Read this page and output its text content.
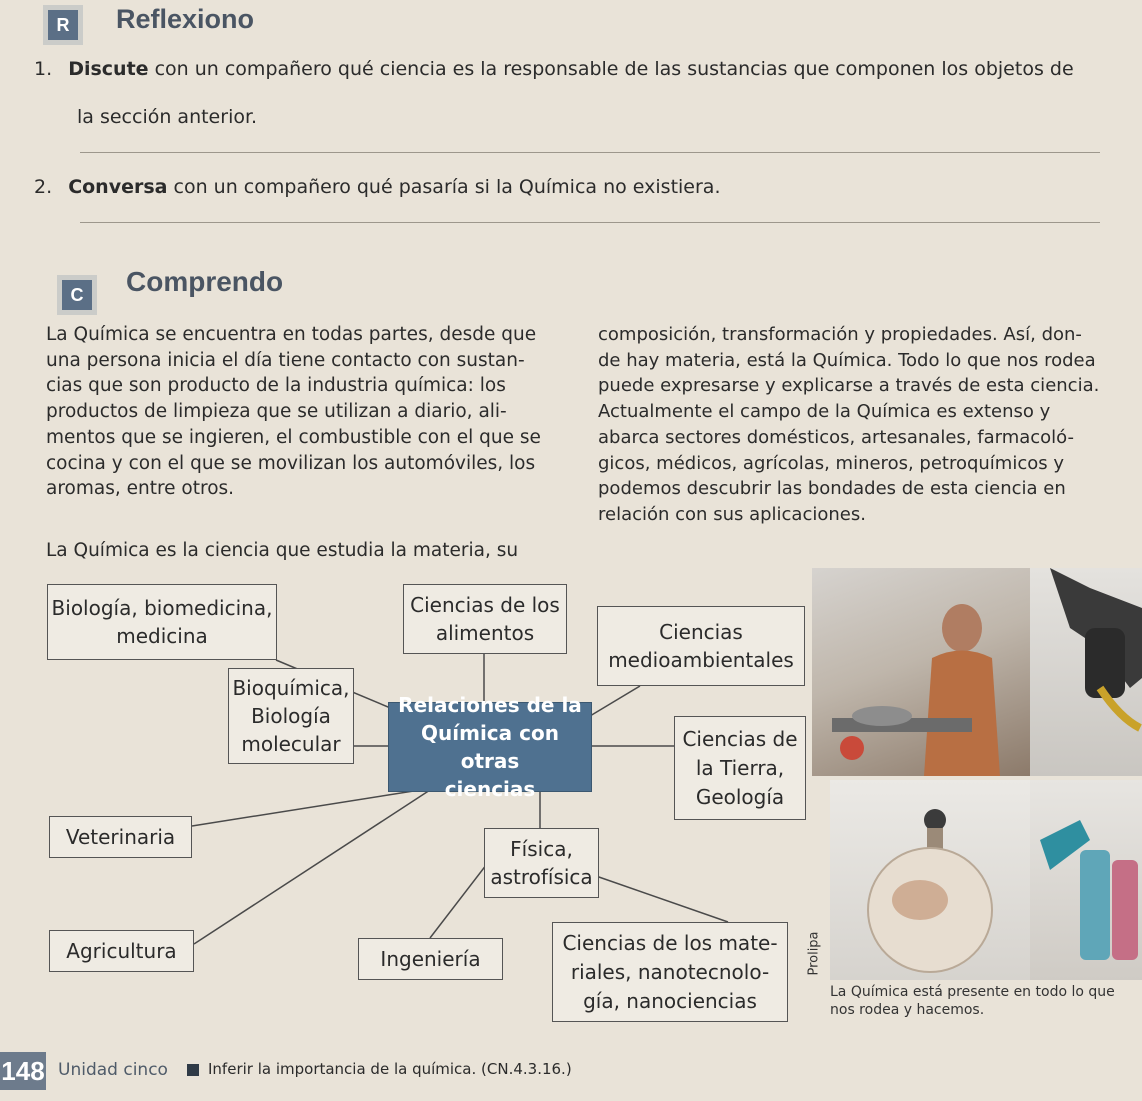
R	Reflexiono
1. Discute con un compañero qué ciencia es la responsable de las sustancias que componen los objetos de
la sección anterior.
2. Conversa con un compañero qué pasaría si la Química no existiera.
C	Comprendo
La Química se encuentra en todas partes, desde que
una persona inicia el día tiene contacto con sustan-
cias que son producto de la industria química: los
productos de limpieza que se utilizan a diario, ali-
mentos que se ingieren, el combustible con el que se
cocina y con el que se movilizan los automóviles, los
aromas, entre otros.
La Química es la ciencia que estudia la materia, su
composición, transformación y propiedades. Así, don-
de hay materia, está la Química. Todo lo que nos rodea
puede expresarse y explicarse a través de esta ciencia.
Actualmente el campo de la Química es extenso y
abarca sectores domésticos, artesanales, farmacoló-
gicos, médicos, agrícolas, mineros, petroquímicos y
podemos descubrir las bondades de esta ciencia en
relación con sus aplicaciones.
Prolipa
La Química está presente en todo lo que
nos rodea y hacemos.
Biología, biomedicina,
medicina
Ciencias de los
alimentos	Ciencias
medioambientales
Bioquímica,
Biología
molecular
Relaciones de la
Química con otras
ciencias
Ciencias de
la Tierra,
Geología
Veterinaria	Física,
astrofísica
Agricultura	Ingeniería
Ciencias de los mate-
riales, nanotecnolo-
gía, nanociencias
148 Unidad cinco	Inferir la importancia de la química. (CN.4.3.16.)
